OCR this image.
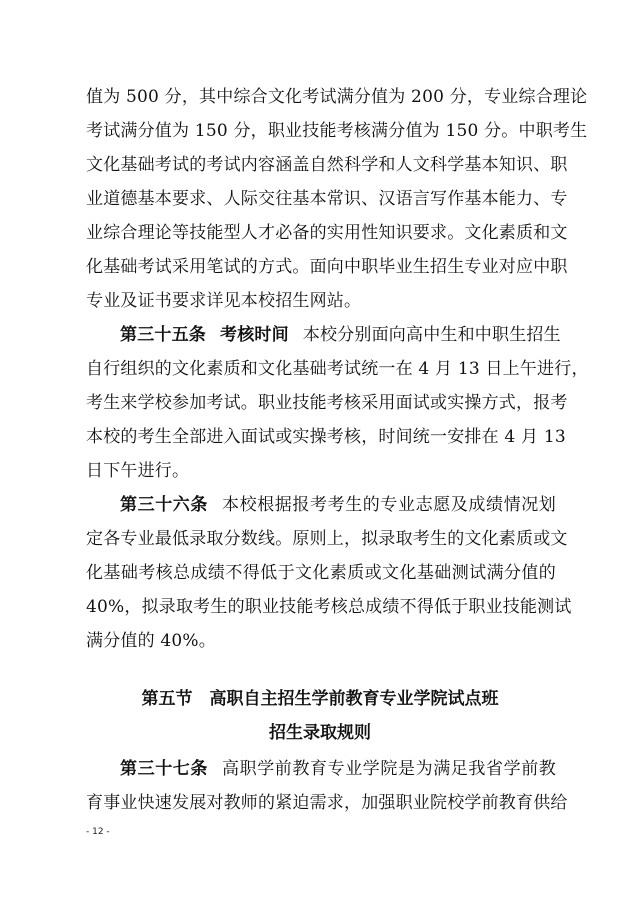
值为 500 分，其中综合文化考试满分值为 200 分，专业综合理论
考试满分值为 150 分，职业技能考核满分值为 150 分。中职考生
文化基础考试的考试内容涵盖自然科学和人文科学基本知识、职
业道德基本要求、人际交往基本常识、汉语言写作基本能力、专
业综合理论等技能型人才必备的实用性知识要求。文化素质和文
化基础考试采用笔试的方式。面向中职毕业生招生专业对应中职
专业及证书要求详见本校招生网站。
第三十五条 考核时间 本校分别面向高中生和中职生招生
自行组织的文化素质和文化基础考试统一在 4 月 13 日上午进行，
考生来学校参加考试。职业技能考核采用面试或实操方式，报考
本校的考生全部进入面试或实操考核，时间统一安排在 4 月 13
日下午进行。
第三十六条 本校根据报考考生的专业志愿及成绩情况划
定各专业最低录取分数线。原则上，拟录取考生的文化素质或文
化基础考核总成绩不得低于文化素质或文化基础测试满分值的
40%，拟录取考生的职业技能考核总成绩不得低于职业技能测试
满分值的 40%。
第五节　高职自主招生学前教育专业学院试点班
招生录取规则
第三十七条 高职学前教育专业学院是为满足我省学前教
育事业快速发展对教师的紧迫需求，加强职业院校学前教育供给
- 12 -
